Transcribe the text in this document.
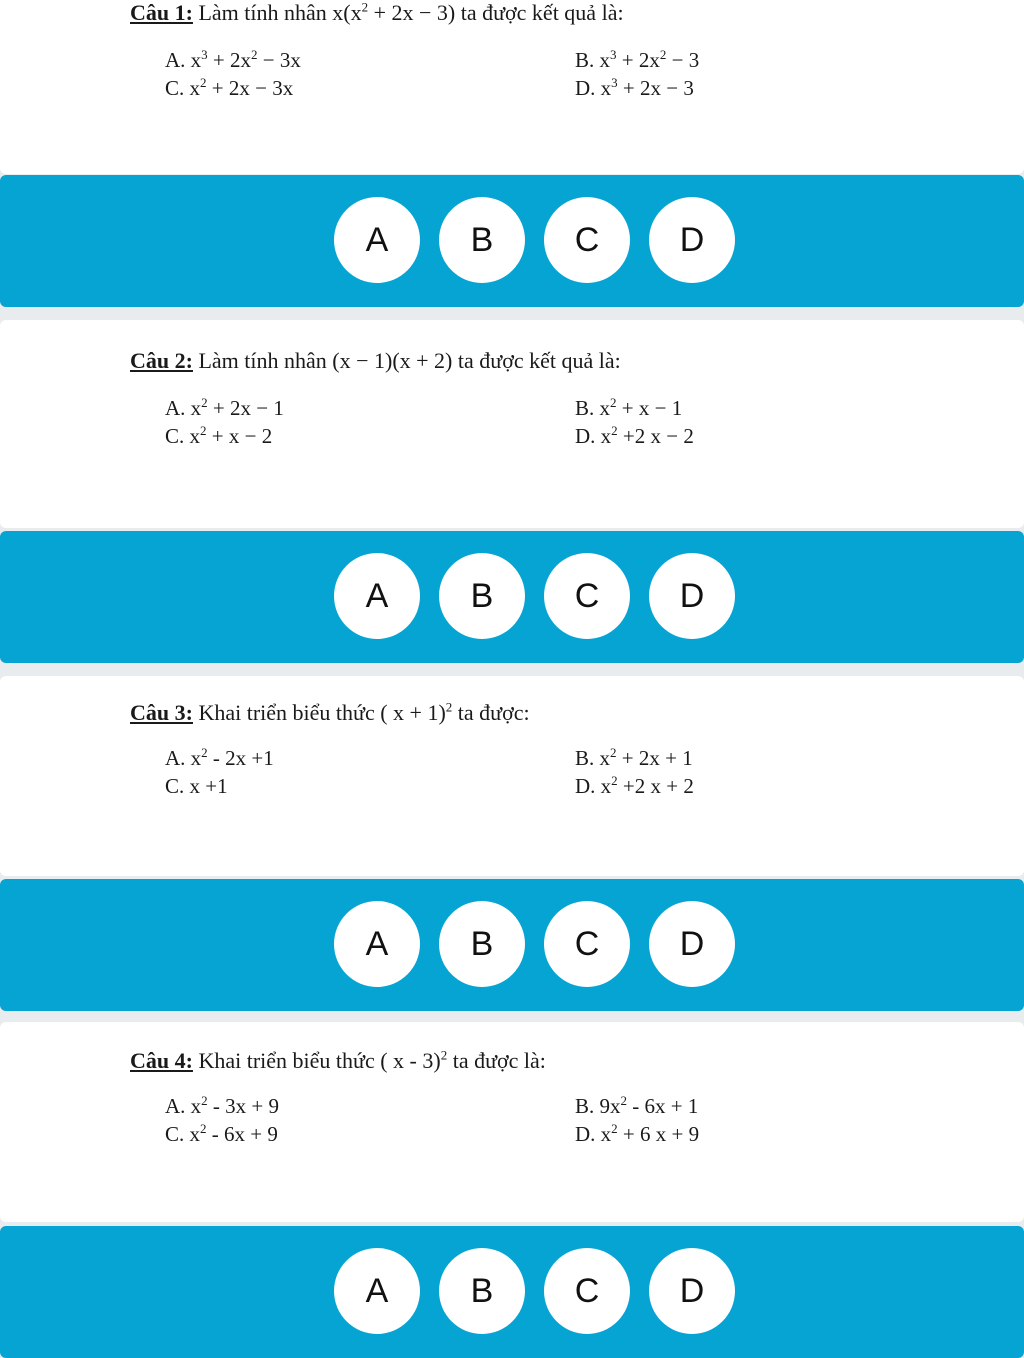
Câu 1: Làm tính nhân $x(x^2 + 2x - 3)$ ta được kết quả là:
A. $x^3 + 2x^2 - 3x$	B. $x^3 + 2x^2 - 3$
C. $x^2 + 2x - 3x$	D. $x^3 + 2x - 3$
A	B	C	D
Câu 2: Làm tính nhân (x − 1)(x + 2) ta được kết quả là:
A. $x^2 + 2x - 1$	B. $x^2 + x - 1$
C. $x^2 + x - 2$	D. $x^2 +2$ x − 2
A	B	C	D
Câu 3: Khai triển biểu thức ( x + 1)$^2$ ta được:
A. $x^2 - 2x +1$	B. $x^2 + 2x + 1$
C. x +1	D. $x^2 +2$ x + 2
A	B	C	D
Câu 4: Khai triển biểu thức ( x - 3)$^2$ ta được là:
A. $x^2 - 3x + 9$	B. $9x^2 - 6x + 1$
C. $x^2 - 6x + 9$	D. $x^2 + 6$ x + 9
A	B	C	D
